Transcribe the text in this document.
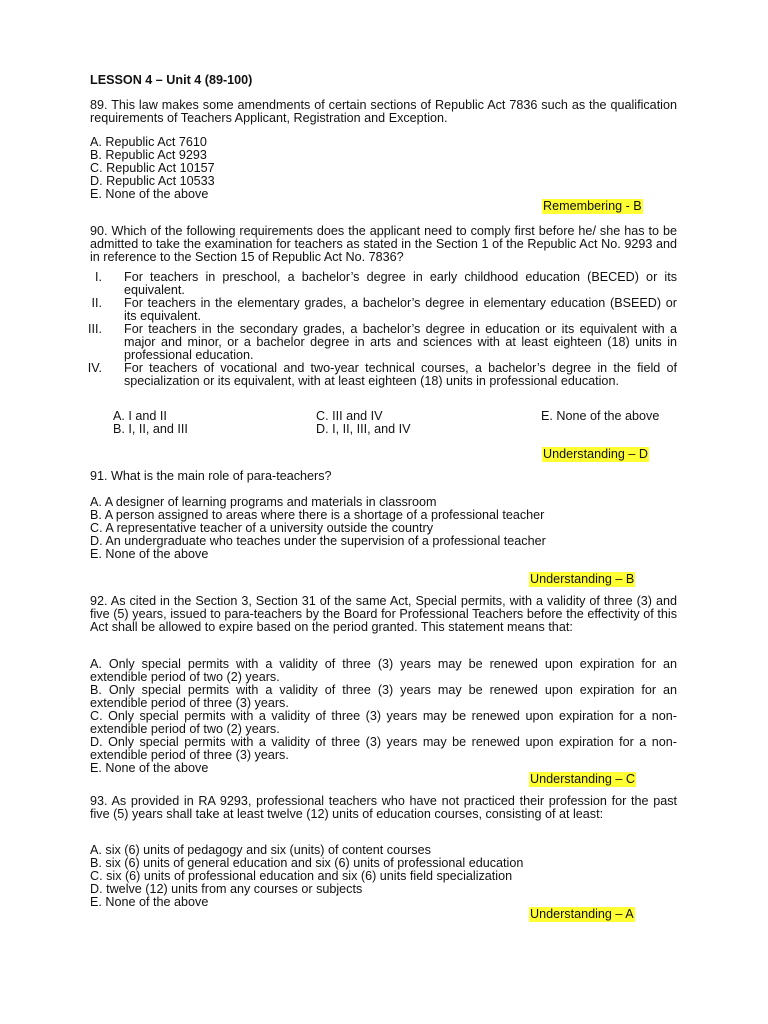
LESSON 4 – Unit 4 (89-100)
89. This law makes some amendments of certain sections of Republic Act 7836 such as the qualification requirements of Teachers Applicant, Registration and Exception.
A. Republic Act 7610
B. Republic Act 9293
C. Republic Act 10157
D. Republic Act 10533
E. None of the above
Remembering - B
90. Which of the following requirements does the applicant need to comply first before he/ she has to be admitted to take the examination for teachers as stated in the Section 1 of the Republic Act No. 9293 and in reference to the Section 15 of Republic Act No. 7836?
I. For teachers in preschool, a bachelor’s degree in early childhood education (BECED) or its equivalent.
II. For teachers in the elementary grades, a bachelor’s degree in elementary education (BSEED) or its equivalent.
III. For teachers in the secondary grades, a bachelor’s degree in education or its equivalent with a major and minor, or a bachelor degree in arts and sciences with at least eighteen (18) units in professional education.
IV. For teachers of vocational and two-year technical courses, a bachelor’s degree in the field of specialization or its equivalent, with at least eighteen (18) units in professional education.
A. I and II
B. I, II, and III
C. III and IV
D. I, II, III, and IV
E. None of the above
Understanding – D
91. What is the main role of para-teachers?
A. A designer of learning programs and materials in classroom
B. A person assigned to areas where there is a shortage of a professional teacher
C. A representative teacher of a university outside the country
D. An undergraduate who teaches under the supervision of a professional teacher
E. None of the above
Understanding – B
92. As cited in the Section 3, Section 31 of the same Act, Special permits, with a validity of three (3) and five (5) years, issued to para-teachers by the Board for Professional Teachers before the effectivity of this Act shall be allowed to expire based on the period granted. This statement means that:
A. Only special permits with a validity of three (3) years may be renewed upon expiration for an extendible period of two (2) years.
B. Only special permits with a validity of three (3) years may be renewed upon expiration for an extendible period of three (3) years.
C. Only special permits with a validity of three (3) years may be renewed upon expiration for a non-extendible period of two (2) years.
D. Only special permits with a validity of three (3) years may be renewed upon expiration for a non-extendible period of three (3) years.
E. None of the above
Understanding – C
93. As provided in RA 9293, professional teachers who have not practiced their profession for the past five (5) years shall take at least twelve (12) units of education courses, consisting of at least:
A. six (6) units of pedagogy and six (units) of content courses
B. six (6) units of general education and six (6) units of professional education
C. six (6) units of professional education and six (6) units field specialization
D. twelve (12) units from any courses or subjects
E. None of the above
Understanding – A
